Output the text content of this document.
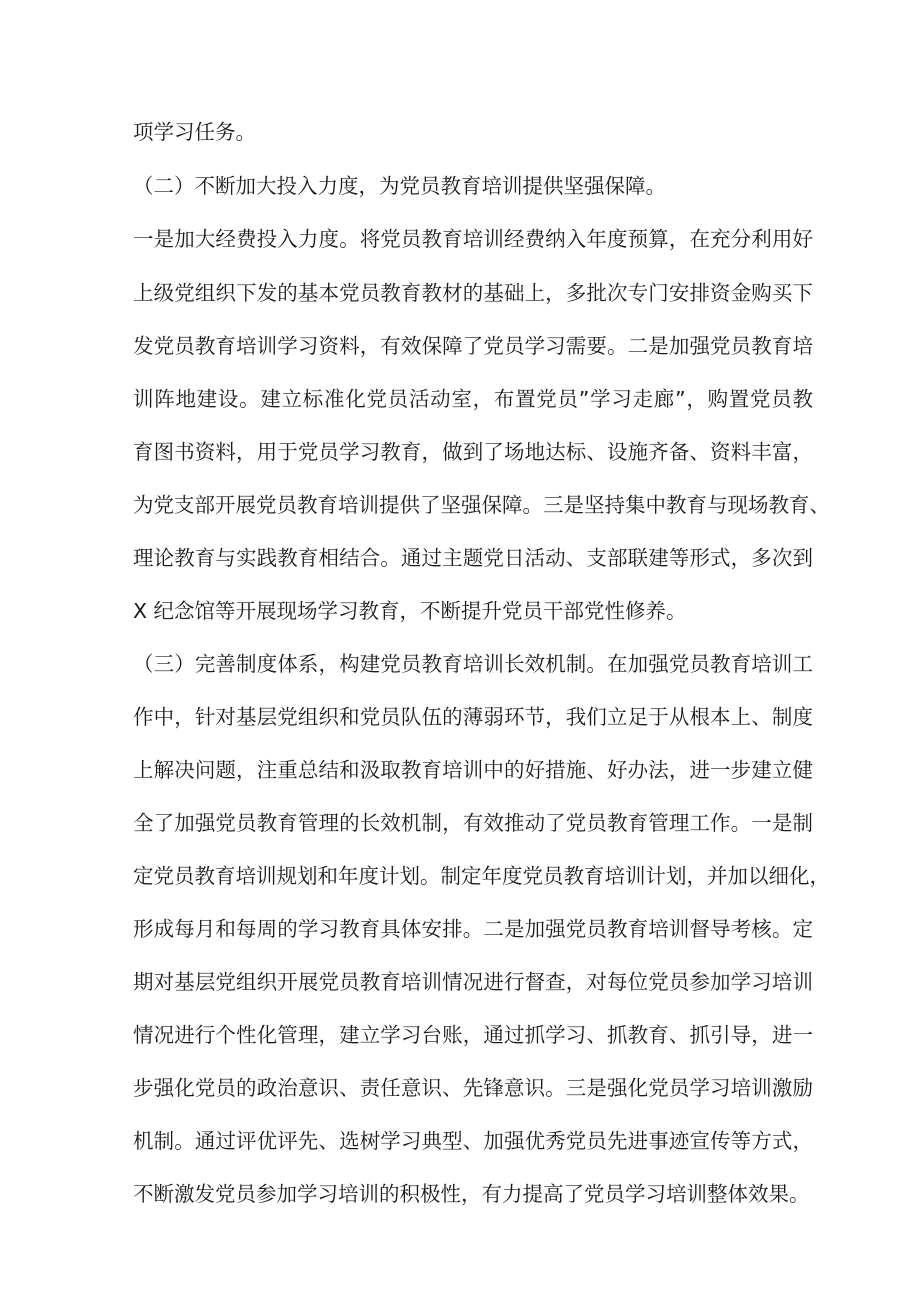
项学习任务。
（二）不断加大投入力度，为党员教育培训提供坚强保障。
一是加大经费投入力度。将党员教育培训经费纳入年度预算，在充分利用好
上级党组织下发的基本党员教育教材的基础上，多批次专门安排资金购买下
发党员教育培训学习资料，有效保障了党员学习需要。二是加强党员教育培
训阵地建设。建立标准化党员活动室，布置党员”学习走廊”，购置党员教
育图书资料，用于党员学习教育，做到了场地达标、设施齐备、资料丰富，
为党支部开展党员教育培训提供了坚强保障。三是坚持集中教育与现场教育、
理论教育与实践教育相结合。通过主题党日活动、支部联建等形式，多次到
X 纪念馆等开展现场学习教育，不断提升党员干部党性修养。
（三）完善制度体系，构建党员教育培训长效机制。在加强党员教育培训工
作中，针对基层党组织和党员队伍的薄弱环节，我们立足于从根本上、制度
上解决问题，注重总结和汲取教育培训中的好措施、好办法，进一步建立健
全了加强党员教育管理的长效机制，有效推动了党员教育管理工作。一是制
定党员教育培训规划和年度计划。制定年度党员教育培训计划，并加以细化，
形成每月和每周的学习教育具体安排。二是加强党员教育培训督导考核。定
期对基层党组织开展党员教育培训情况进行督查，对每位党员参加学习培训
情况进行个性化管理，建立学习台账，通过抓学习、抓教育、抓引导，进一
步强化党员的政治意识、责任意识、先锋意识。三是强化党员学习培训激励
机制。通过评优评先、选树学习典型、加强优秀党员先进事迹宣传等方式，
不断激发党员参加学习培训的积极性，有力提高了党员学习培训整体效果。
